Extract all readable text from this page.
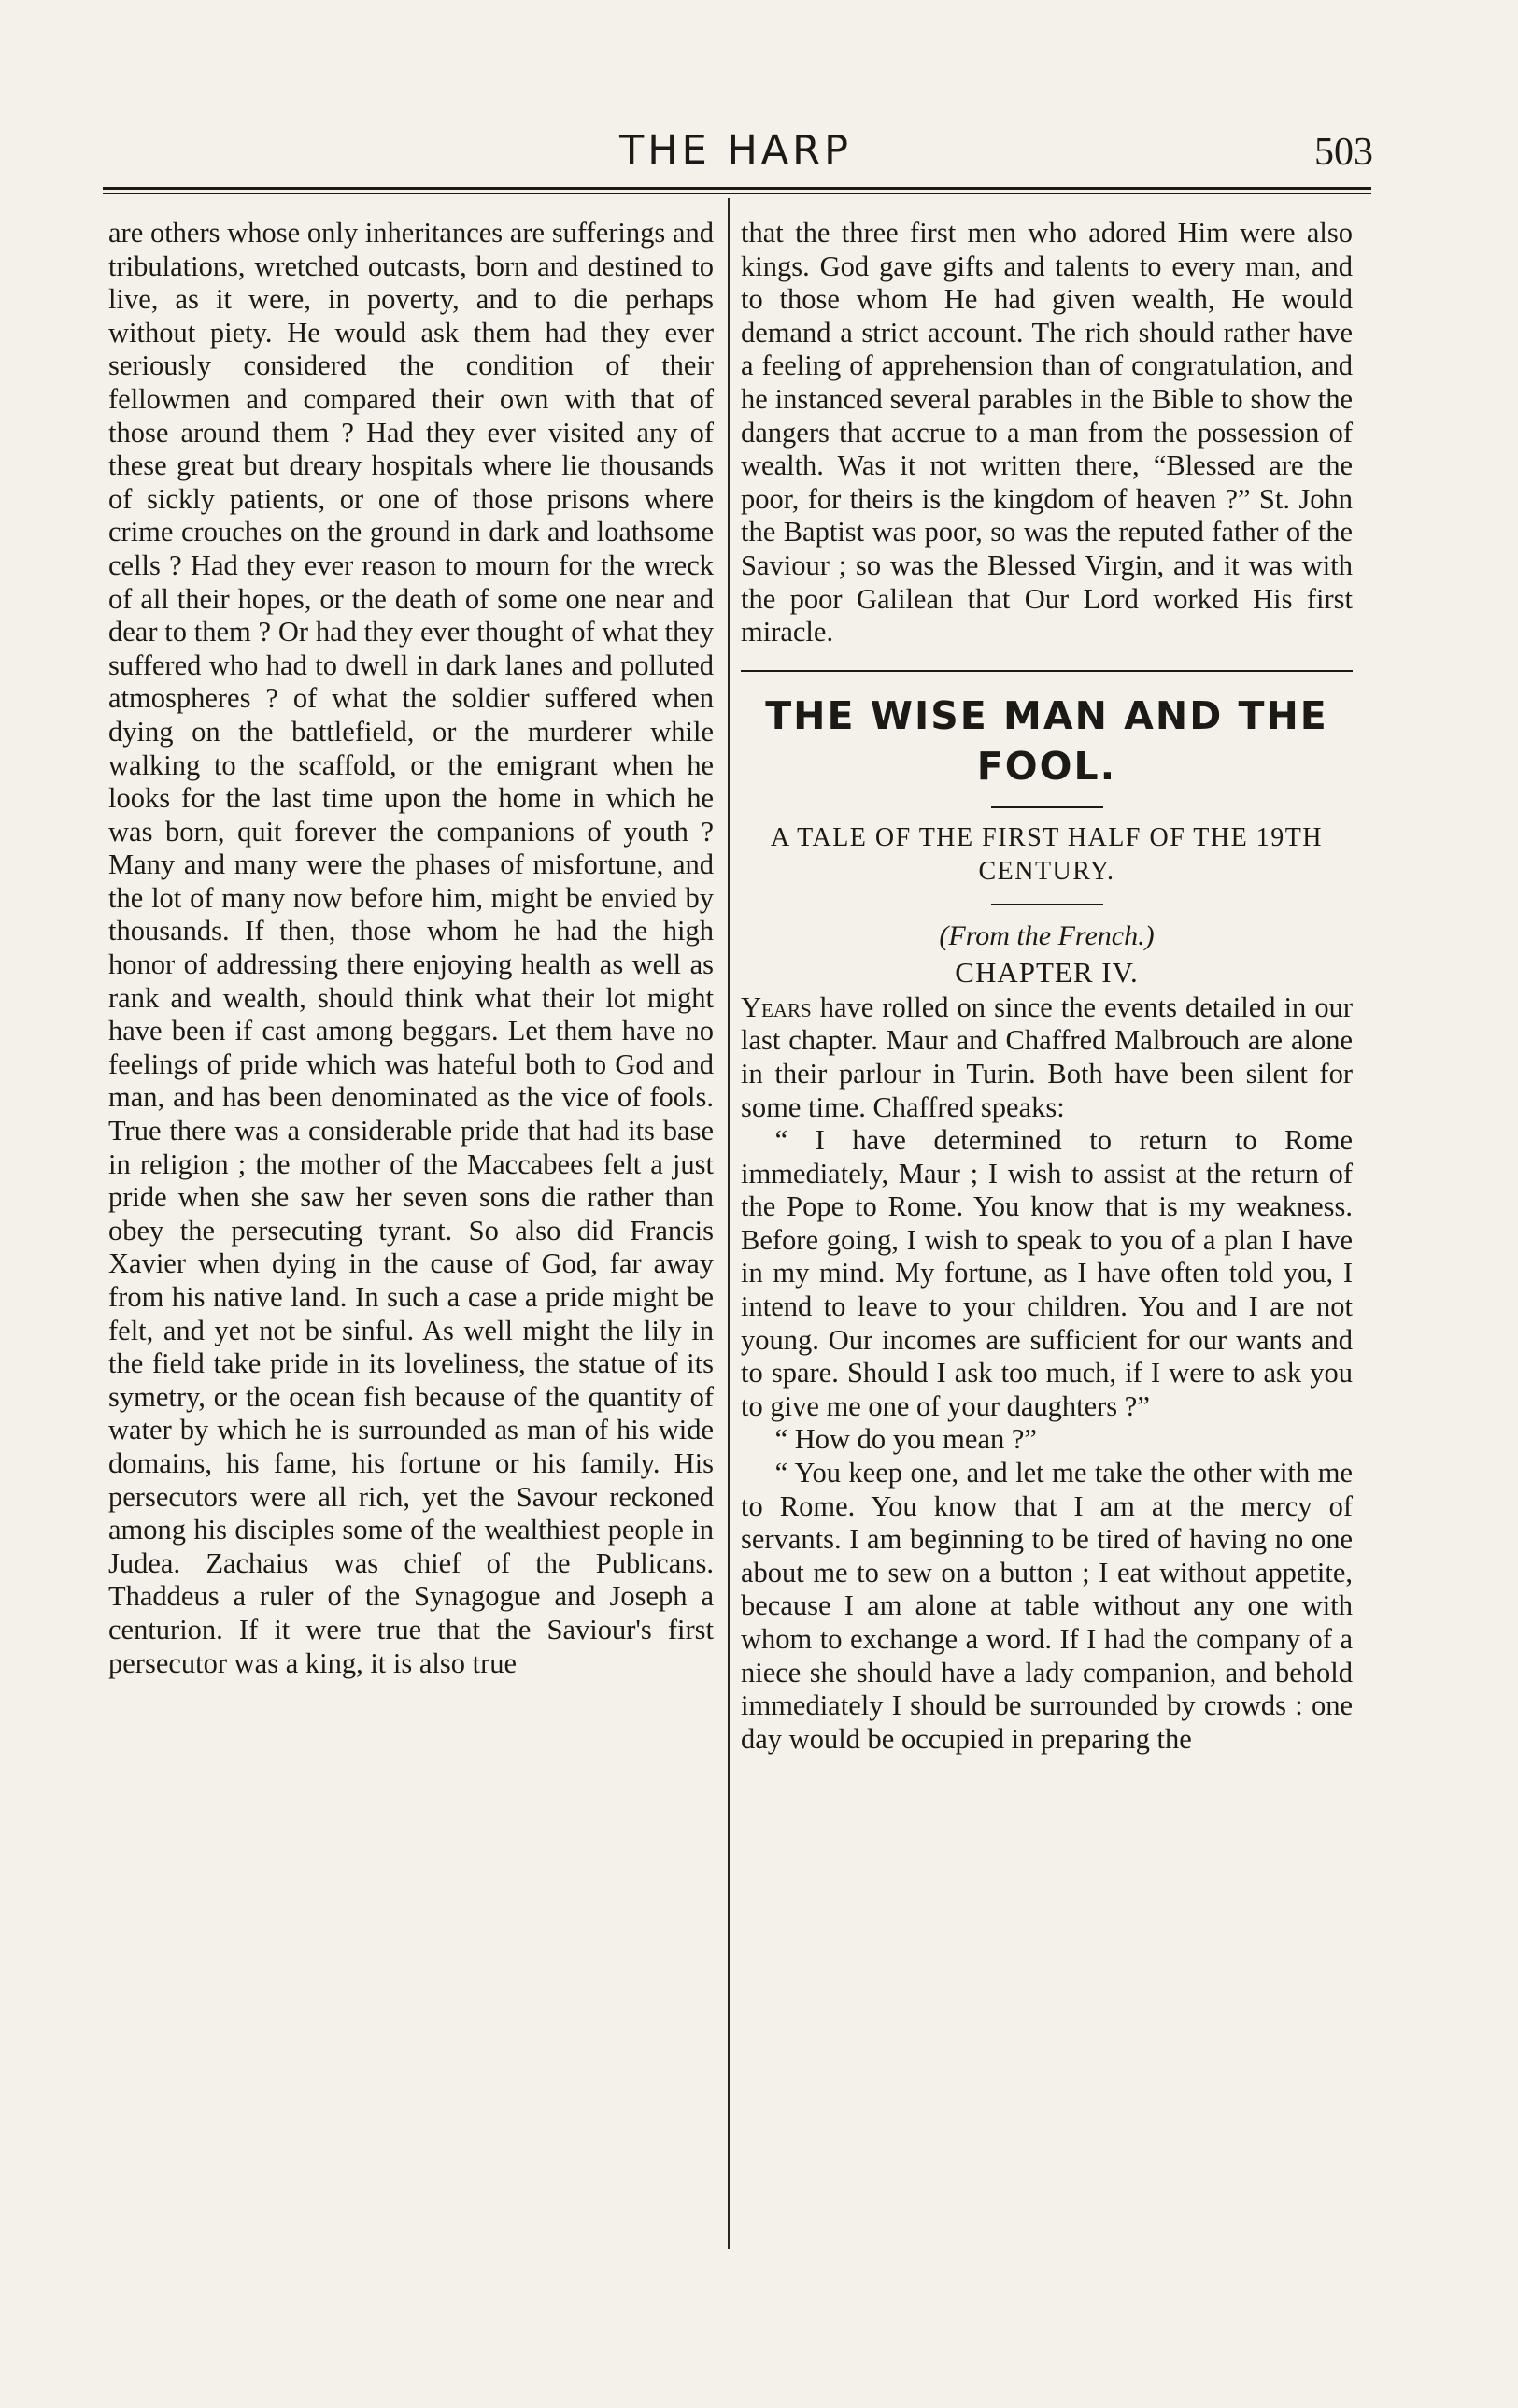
THE HARP	503

are others whose only inheritances are sufferings and tribulations, wretched outcasts, born and destined to live, as it were, in poverty, and to die perhaps without piety. He would ask them had they ever seriously considered the condition of their fellowmen and compared their own with that of those around them ? Had they ever visited any of these great but dreary hospitals where lie thousands of sickly patients, or one of those prisons where crime crouches on the ground in dark and loathsome cells ? Had they ever reason to mourn for the wreck of all their hopes, or the death of some one near and dear to them ? Or had they ever thought of what they suffered who had to dwell in dark lanes and polluted atmospheres ? of what the soldier suffered when dying on the battlefield, or the murderer while walking to the scaffold, or the emigrant when he looks for the last time upon the home in which he was born, quit forever the companions of youth ? Many and many were the phases of misfortune, and the lot of many now before him, might be envied by thousands. If then, those whom he had the high honor of addressing there enjoying health as well as rank and wealth, should think what their lot might have been if cast among beggars. Let them have no feelings of pride which was hateful both to God and man, and has been denominated as the vice of fools. True there was a considerable pride that had its base in religion ; the mother of the Maccabees felt a just pride when she saw her seven sons die rather than obey the persecuting tyrant. So also did Francis Xavier when dying in the cause of God, far away from his native land. In such a case a pride might be felt, and yet not be sinful. As well might the lily in the field take pride in its loveliness, the statue of its symetry, or the ocean fish because of the quantity of water by which he is surrounded as man of his wide domains, his fame, his fortune or his family. His persecutors were all rich, yet the Savour reckoned among his disciples some of the wealthiest people in Judea. Zachaius was chief of the Publicans. Thaddeus a ruler of the Synagogue and Joseph a centurion. If it were true that the Saviour's first persecutor was a king, it is also true

that the three first men who adored Him were also kings. God gave gifts and talents to every man, and to those whom He had given wealth, He would demand a strict account. The rich should rather have a feeling of apprehension than of congratulation, and he instanced several parables in the Bible to show the dangers that accrue to a man from the possession of wealth. Was it not written there, “Blessed are the poor, for theirs is the kingdom of heaven ?” St. John the Baptist was poor, so was the reputed father of the Saviour ; so was the Blessed Virgin, and it was with the poor Galilean that Our Lord worked His first miracle.

THE WISE MAN AND THE FOOL.

A TALE OF THE FIRST HALF OF THE 19TH CENTURY.

(From the French.)

CHAPTER IV.

Years have rolled on since the events detailed in our last chapter. Maur and Chaffred Malbrouch are alone in their parlour in Turin. Both have been silent for some time. Chaffred speaks:

“ I have determined to return to Rome immediately, Maur ; I wish to assist at the return of the Pope to Rome. You know that is my weakness. Before going, I wish to speak to you of a plan I have in my mind. My fortune, as I have often told you, I intend to leave to your children. You and I are not young. Our incomes are sufficient for our wants and to spare. Should I ask too much, if I were to ask you to give me one of your daughters ?”

“ How do you mean ?”

“ You keep one, and let me take the other with me to Rome. You know that I am at the mercy of servants. I am beginning to be tired of having no one about me to sew on a button ; I eat without appetite, because I am alone at table without any one with whom to exchange a word. If I had the company of a niece she should have a lady companion, and behold immediately I should be surrounded by crowds : one day would be occupied in preparing the
